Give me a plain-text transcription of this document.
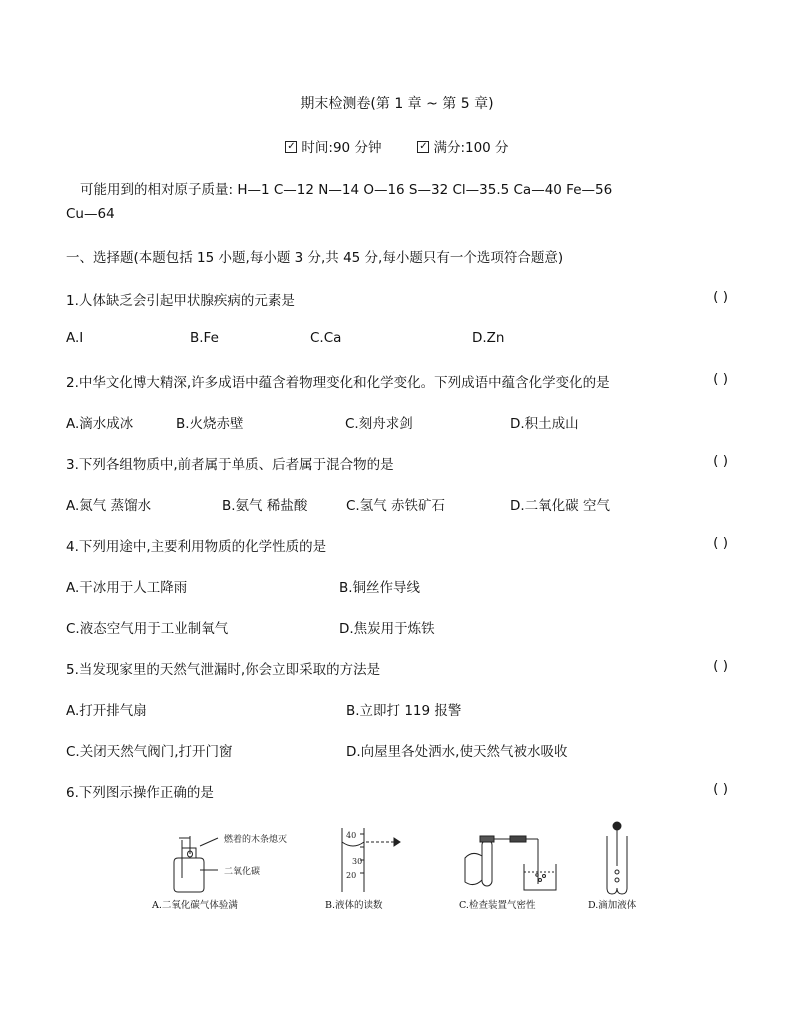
期末检测卷(第 1 章 ~ 第 5 章)
✓ 时间:90 分钟	✓ 满分:100 分
可能用到的相对原子质量: H—1 C—12 N—14 O—16 S—32 Cl—35.5 Ca—40 Fe—56
Cu—64
一、选择题(本题包括 15 小题,每小题 3 分,共 45 分,每小题只有一个选项符合题意)
1.人体缺乏会引起甲状腺疾病的元素是	( )
A.I	B.Fe	C.Ca	D.Zn
2.中华文化博大精深,许多成语中蕴含着物理变化和化学变化。下列成语中蕴含化学变化的是	( )
A.滴水成冰	B.火烧赤壁	C.刻舟求剑	D.积土成山
3.下列各组物质中,前者属于单质、后者属于混合物的是	( )
A.氮气 蒸馏水	B.氨气 稀盐酸	C.氢气 赤铁矿石	D.二氧化碳 空气
4.下列用途中,主要利用物质的化学性质的是	( )
A.干冰用于人工降雨	B.铜丝作导线
C.液态空气用于工业制氧气	D.焦炭用于炼铁
5.当发现家里的天然气泄漏时,你会立即采取的方法是	( )
A.打开排气扇	B.立即打 119 报警
C.关闭天然气阀门,打开门窗	D.向屋里各处洒水,使天然气被水吸收
6.下列图示操作正确的是	( )
燃着的木条熄灭
二氧化碳
40
30
20
A.二氧化碳气体验满	B.液体的读数	C.检查装置气密性	D.滴加液体
